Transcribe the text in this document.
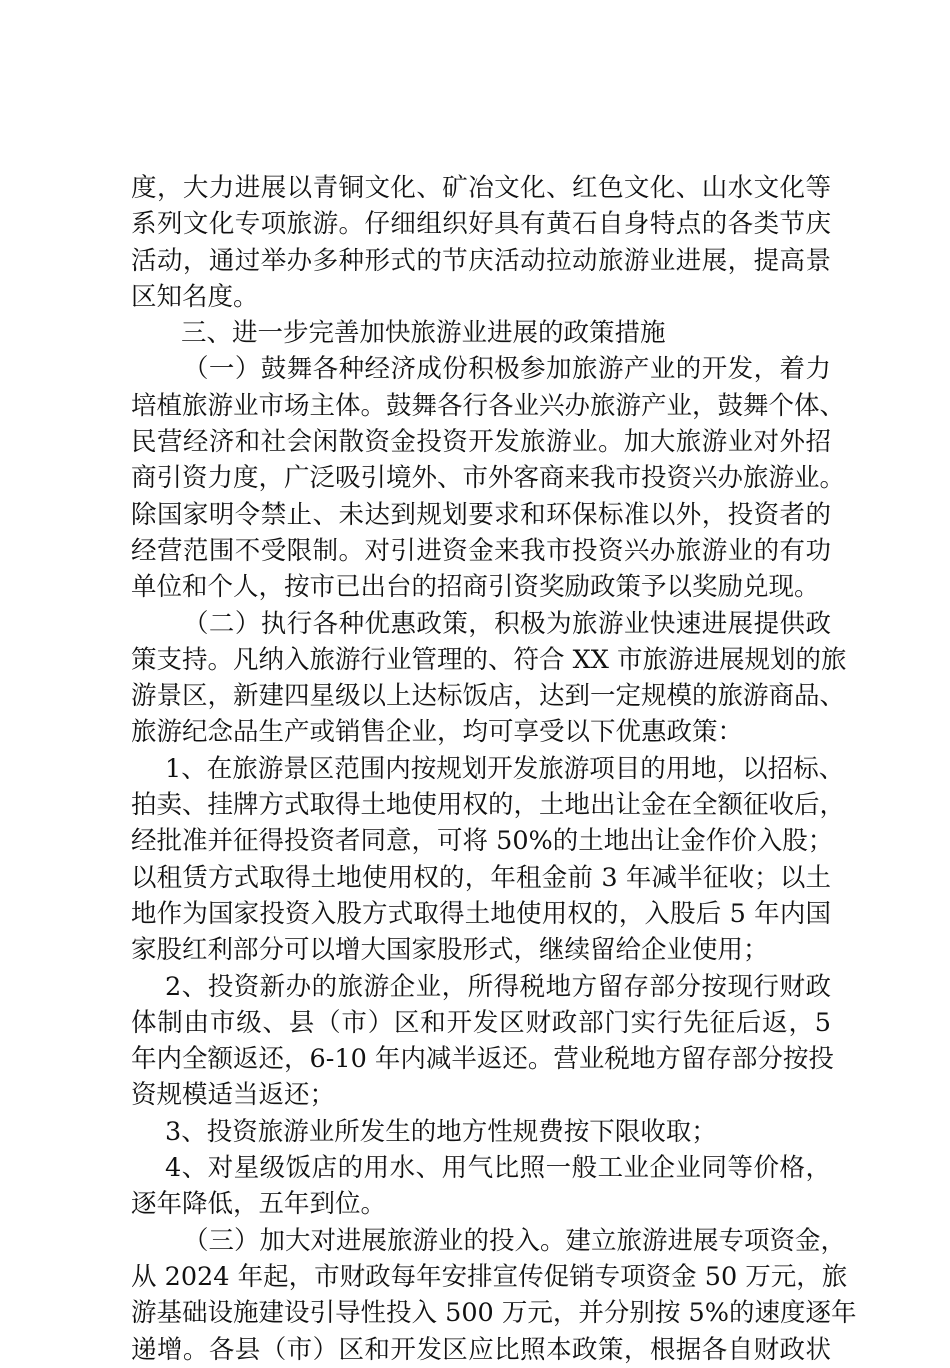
度，大力进展以青铜文化、矿冶文化、红色文化、山水文化等
系列文化专项旅游。仔细组织好具有黄石自身特点的各类节庆
活动，通过举办多种形式的节庆活动拉动旅游业进展，提高景
区知名度。
三、进一步完善加快旅游业进展的政策措施
（一）鼓舞各种经济成份积极参加旅游产业的开发，着力
培植旅游业市场主体。鼓舞各行各业兴办旅游产业，鼓舞个体、
民营经济和社会闲散资金投资开发旅游业。加大旅游业对外招
商引资力度，广泛吸引境外、市外客商来我市投资兴办旅游业。
除国家明令禁止、未达到规划要求和环保标准以外，投资者的
经营范围不受限制。对引进资金来我市投资兴办旅游业的有功
单位和个人，按市已出台的招商引资奖励政策予以奖励兑现。
（二）执行各种优惠政策，积极为旅游业快速进展提供政
策支持。凡纳入旅游行业管理的、符合 XX 市旅游进展规划的旅
游景区，新建四星级以上达标饭店，达到一定规模的旅游商品、
旅游纪念品生产或销售企业，均可享受以下优惠政策：
1、在旅游景区范围内按规划开发旅游项目的用地，以招标、
拍卖、挂牌方式取得土地使用权的，土地出让金在全额征收后，
经批准并征得投资者同意，可将 50%的土地出让金作价入股；
以租赁方式取得土地使用权的，年租金前 3 年减半征收；以土
地作为国家投资入股方式取得土地使用权的，入股后 5 年内国
家股红利部分可以增大国家股形式，继续留给企业使用；
2、投资新办的旅游企业，所得税地方留存部分按现行财政
体制由市级、县（市）区和开发区财政部门实行先征后返，5
年内全额返还，6-10 年内减半返还。营业税地方留存部分按投
资规模适当返还；
3、投资旅游业所发生的地方性规费按下限收取；
4、对星级饭店的用水、用气比照一般工业企业同等价格，
逐年降低，五年到位。
（三）加大对进展旅游业的投入。建立旅游进展专项资金，
从 2024 年起，市财政每年安排宣传促销专项资金 50 万元，旅
游基础设施建设引导性投入 500 万元，并分别按 5%的速度逐年
递增。各县（市）区和开发区应比照本政策，根据各自财政状
